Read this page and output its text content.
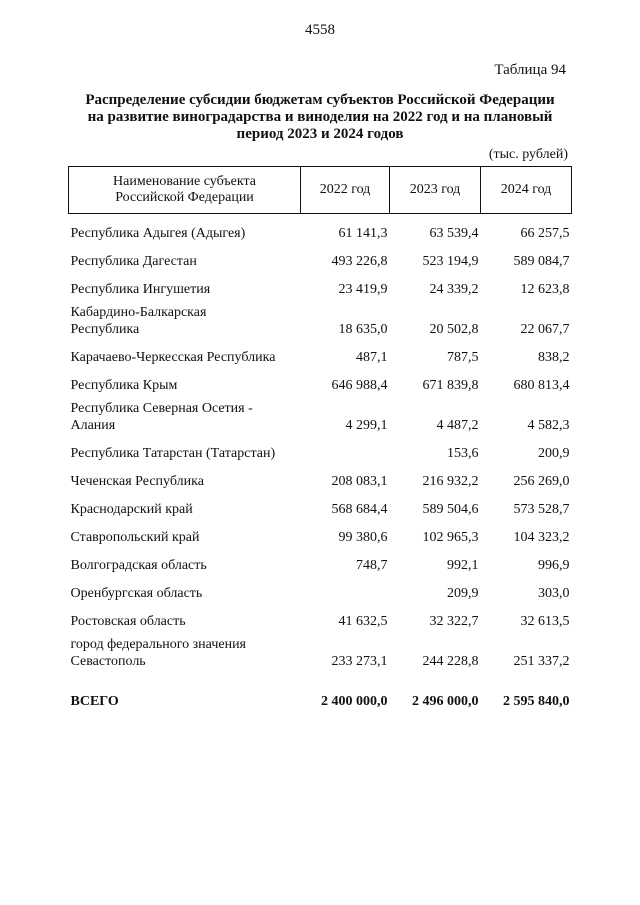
4558
Таблица 94
Распределение субсидии бюджетам субъектов Российской Федерации
на развитие виноградарства и виноделия на 2022 год и на плановый
период 2023 и 2024 годов
(тыс. рублей)
Наименование субъекта
Российской Федерации	2022 год	2023 год	2024 год

Республика Адыгея (Адыгея)	61 141,3	63 539,4	66 257,5

Республика Дагестан	493 226,8	523 194,9	589 084,7

Республика Ингушетия	23 419,9	24 339,2	12 623,8

Кабардино-Балкарская
Республика	18 635,0	20 502,8	22 067,7

Карачаево-Черкесская Республика	487,1	787,5	838,2

Республика Крым	646 988,4	671 839,8	680 813,4

Республика Северная Осетия -
Алания	4 299,1	4 487,2	4 582,3

Республика Татарстан (Татарстан)		153,6	200,9

Чеченская Республика	208 083,1	216 932,2	256 269,0

Краснодарский край	568 684,4	589 504,6	573 528,7

Ставропольский край	99 380,6	102 965,3	104 323,2

Волгоградская область	748,7	992,1	996,9

Оренбургская область		209,9	303,0

Ростовская область	41 632,5	32 322,7	32 613,5

город федерального значения
Севастополь	233 273,1	244 228,8	251 337,2

ВСЕГО	2 400 000,0	2 496 000,0	2 595 840,0
